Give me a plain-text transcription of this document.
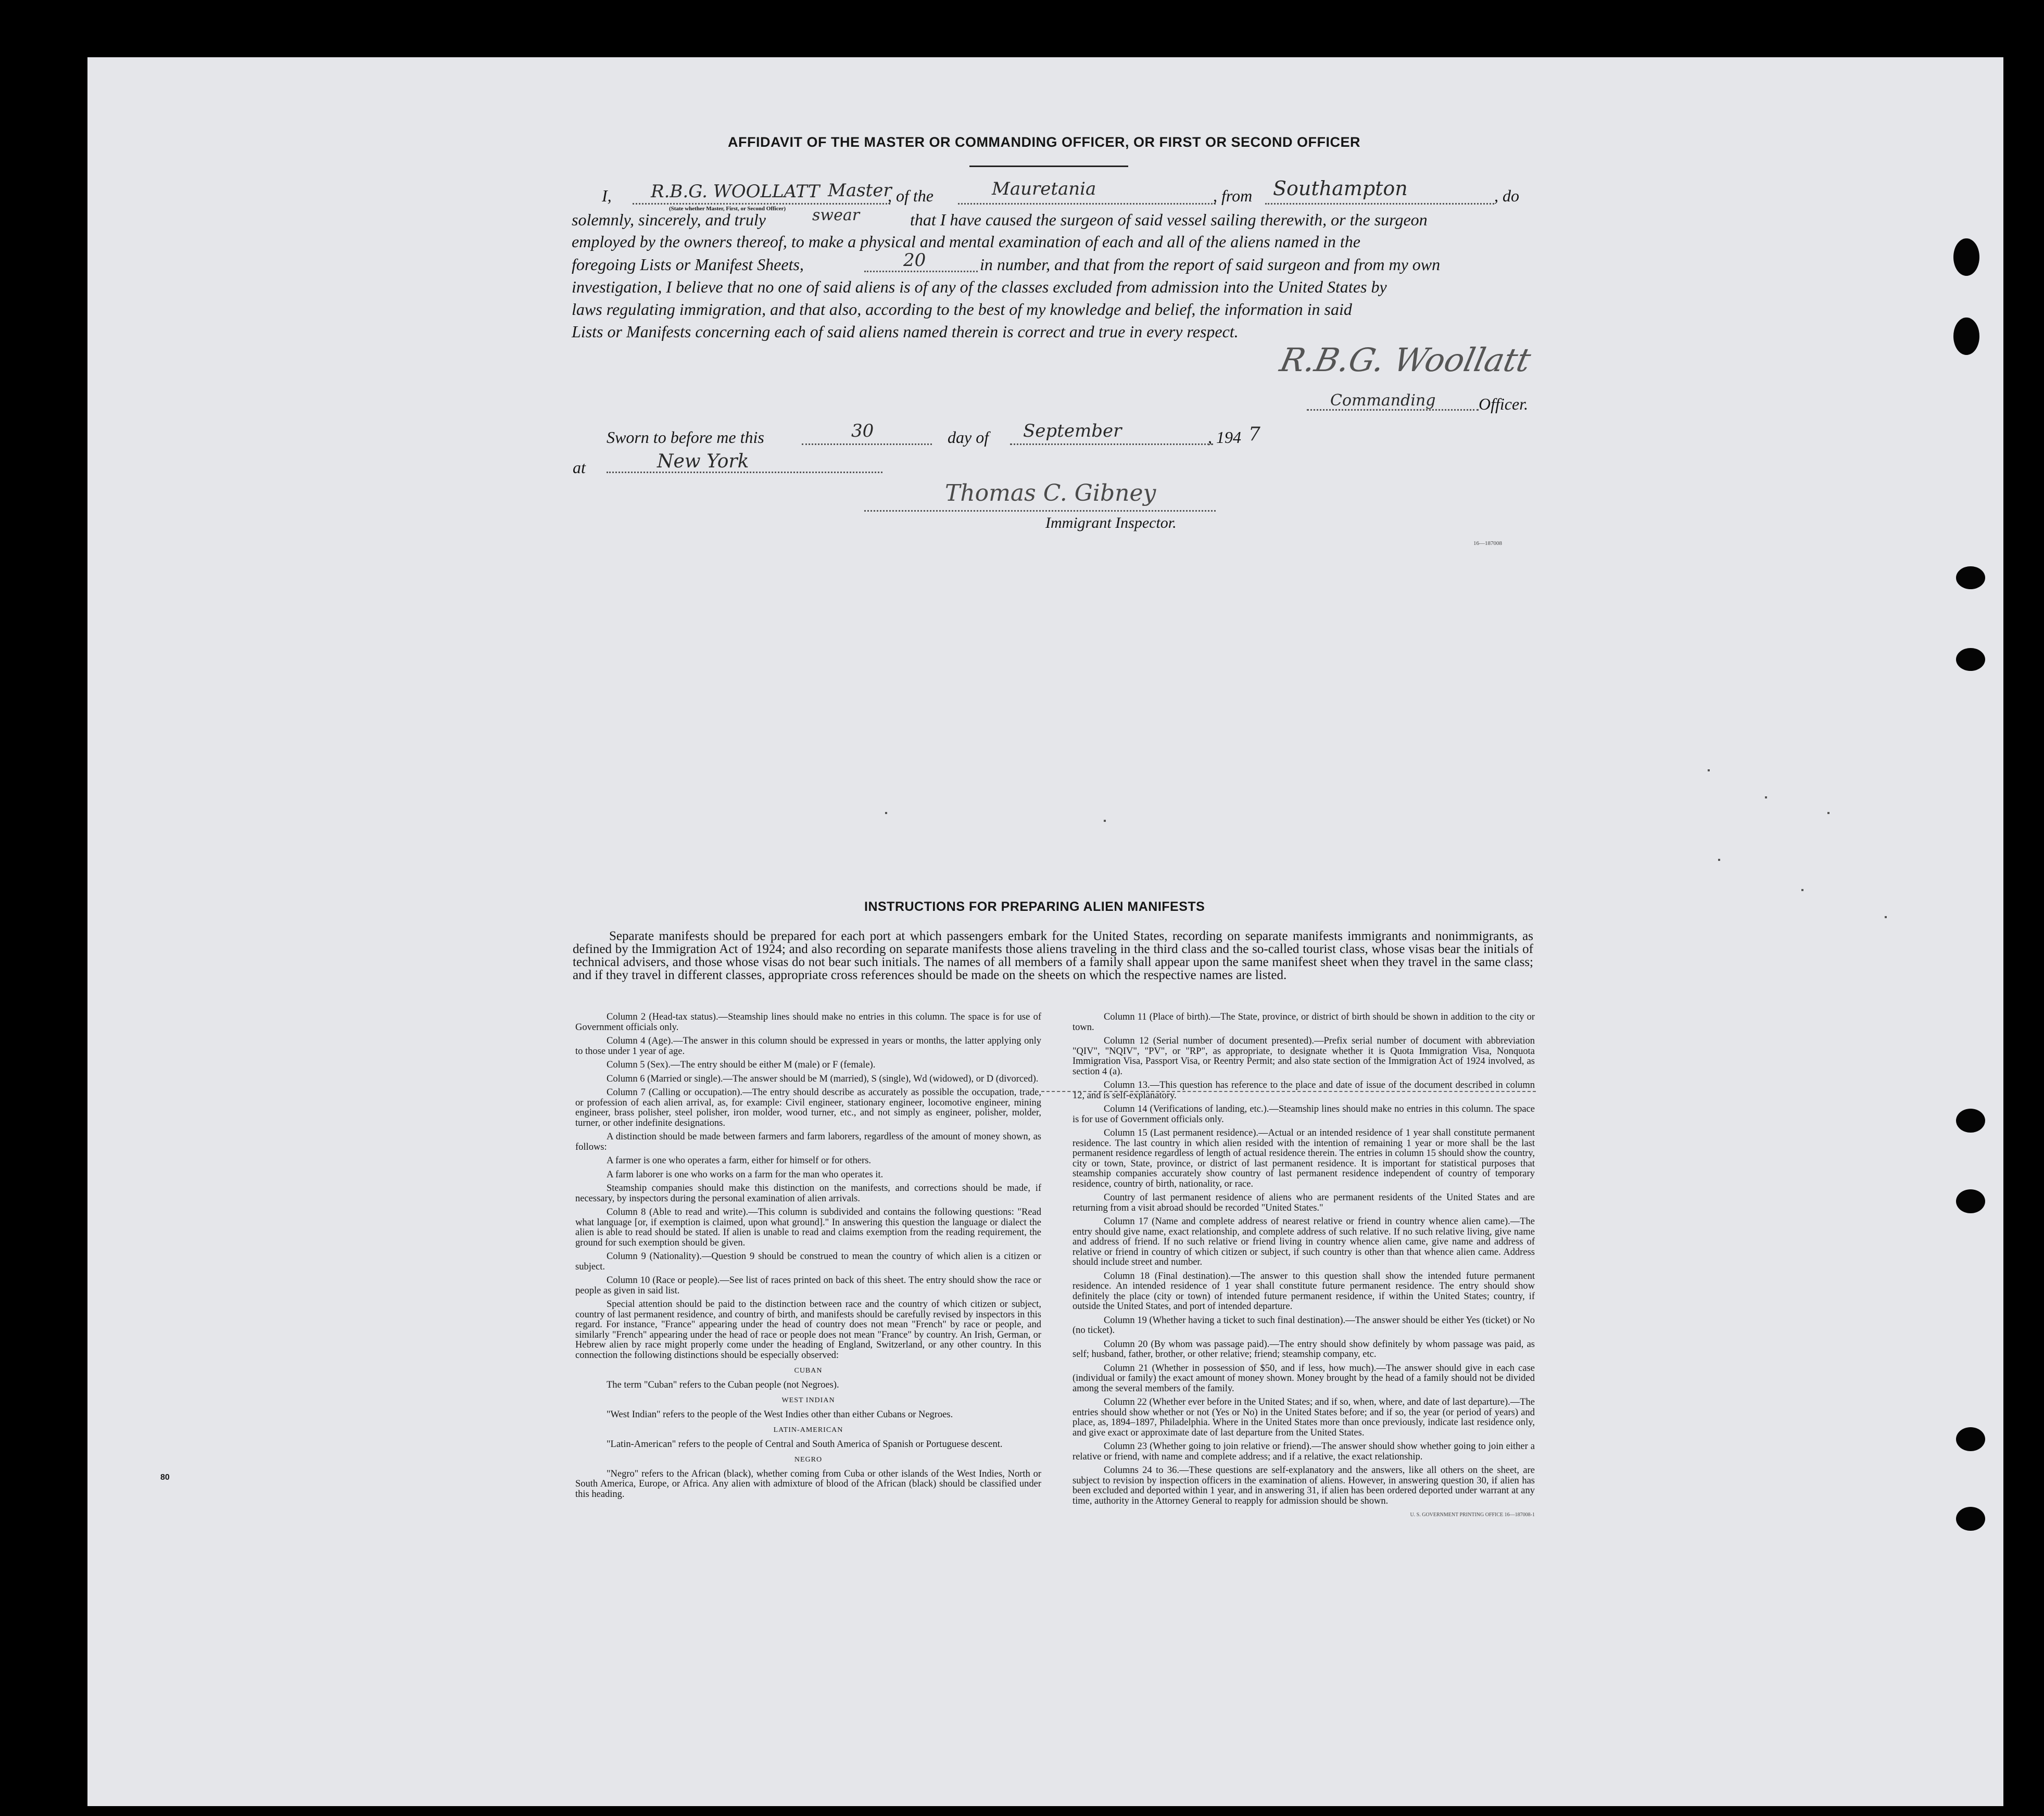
AFFIDAVIT OF THE MASTER OR COMMANDING OFFICER, OR FIRST OR SECOND OFFICER
I, R.B.G. WOOLLATT Master
(State whether Master, First, or Second Officer)
, of the	Mauretania	, from Southampton	, do
solemnly, sincerely, and truly	swear	that I have caused the surgeon of said vessel sailing therewith, or the surgeon
employed by the owners thereof, to make a physical and mental examination of each and all of the aliens named in the
foregoing Lists or Manifest Sheets,	20	in number, and that from the report of said surgeon and from my own
investigation, I believe that no one of said aliens is of any of the classes excluded from admission into the United States by
laws regulating immigration, and that also, according to the best of my knowledge and belief, the information in said
Lists or Manifests concerning each of said aliens named therein is correct and true in every respect.
R.B.G. Woollatt
Commanding	Officer.
Sworn to before me this	30	day of September	, 194 7
at	New York
Thomas C. Gibney
Immigrant Inspector.
16—187008
INSTRUCTIONS FOR PREPARING ALIEN MANIFESTS
Separate manifests should be prepared for each port at which passengers embark for the United States, recording on separate manifests immigrants and nonimmigrants, as defined by the Immigration Act of 1924; and also recording on separate manifests those aliens traveling in the third class and the so-called tourist class, whose visas bear the initials of technical advisers, and those whose visas do not bear such initials. The names of all members of a family shall appear upon the same manifest sheet when they travel in the same class; and if they travel in different classes, appropriate cross references should be made on the sheets on which the respective names are listed.

Column 2 (Head-tax status).—Steamship lines should make no entries in this column. The space is for use of Government officials only.

Column 4 (Age).—The answer in this column should be expressed in years or months, the latter applying only to those under 1 year of age.

Column 5 (Sex).—The entry should be either M (male) or F (female).

Column 6 (Married or single).—The answer should be M (married), S (single), Wd (widowed), or D (divorced).

Column 7 (Calling or occupation).—The entry should describe as accurately as possible the occupation, trade, or profession of each alien arrival, as, for example: Civil engineer, stationary engineer, locomotive engineer, mining engineer, brass polisher, steel polisher, iron molder, wood turner, etc., and not simply as engineer, polisher, molder, turner, or other indefinite designations.

A distinction should be made between farmers and farm laborers, regardless of the amount of money shown, as follows:

A farmer is one who operates a farm, either for himself or for others.

A farm laborer is one who works on a farm for the man who operates it.

Steamship companies should make this distinction on the manifests, and corrections should be made, if necessary, by inspectors during the personal examination of alien arrivals.

Column 8 (Able to read and write).—This column is subdivided and contains the following questions: "Read what language [or, if exemption is claimed, upon what ground]." In answering this question the language or dialect the alien is able to read should be stated. If alien is unable to read and claims exemption from the reading requirement, the ground for such exemption should be given.

Column 9 (Nationality).—Question 9 should be construed to mean the country of which alien is a citizen or subject.

Column 10 (Race or people).—See list of races printed on back of this sheet. The entry should show the race or people as given in said list.

Special attention should be paid to the distinction between race and the country of which citizen or subject, country of last permanent residence, and country of birth, and manifests should be carefully revised by inspectors in this regard. For instance, "France" appearing under the head of country does not mean "French" by race or people, and similarly "French" appearing under the head of race or people does not mean "France" by country. An Irish, German, or Hebrew alien by race might properly come under the heading of England, Switzerland, or any other country. In this connection the following distinctions should be especially observed:

CUBAN

The term "Cuban" refers to the Cuban people (not Negroes).

WEST INDIAN

"West Indian" refers to the people of the West Indies other than either Cubans or Negroes.

LATIN-AMERICAN

"Latin-American" refers to the people of Central and South America of Spanish or Portuguese descent.

NEGRO

"Negro" refers to the African (black), whether coming from Cuba or other islands of the West Indies, North or South America, Europe, or Africa. Any alien with admixture of blood of the African (black) should be classified under this heading.

Column 11 (Place of birth).—The State, province, or district of birth should be shown in addition to the city or town.

Column 12 (Serial number of document presented).—Prefix serial number of document with abbreviation "QIV", "NQIV", "PV", or "RP", as appropriate, to designate whether it is Quota Immigration Visa, Nonquota Immigration Visa, Passport Visa, or Reentry Permit; and also state section of the Immigration Act of 1924 involved, as section 4 (a).

Column 13.—This question has reference to the place and date of issue of the document described in column 12, and is self-explanatory.

Column 14 (Verifications of landing, etc.).—Steamship lines should make no entries in this column. The space is for use of Government officials only.

Column 15 (Last permanent residence).—Actual or an intended residence of 1 year shall constitute permanent residence. The last country in which alien resided with the intention of remaining 1 year or more shall be the last permanent residence regardless of length of actual residence therein. The entries in column 15 should show the country, city or town, State, province, or district of last permanent residence. It is important for statistical purposes that steamship companies accurately show country of last permanent residence independent of country of temporary residence, country of birth, nationality, or race.

Country of last permanent residence of aliens who are permanent residents of the United States and are returning from a visit abroad should be recorded "United States."

Column 17 (Name and complete address of nearest relative or friend in country whence alien came).—The entry should give name, exact relationship, and complete address of such relative. If no such relative living, give name and address of friend. If no such relative or friend living in country whence alien came, give name and address of relative or friend in country of which citizen or subject, if such country is other than that whence alien came. Address should include street and number.

Column 18 (Final destination).—The answer to this question shall show the intended future permanent residence. An intended residence of 1 year shall constitute future permanent residence. The entry should show definitely the place (city or town) of intended future permanent residence, if within the United States; country, if outside the United States, and port of intended departure.

Column 19 (Whether having a ticket to such final destination).—The answer should be either Yes (ticket) or No (no ticket).

Column 20 (By whom was passage paid).—The entry should show definitely by whom passage was paid, as self; husband, father, brother, or other relative; friend; steamship company, etc.

Column 21 (Whether in possession of $50, and if less, how much).—The answer should give in each case (individual or family) the exact amount of money shown. Money brought by the head of a family should not be divided among the several members of the family.

Column 22 (Whether ever before in the United States; and if so, when, where, and date of last departure).—The entries should show whether or not (Yes or No) in the United States before; and if so, the year (or period of years) and place, as, 1894–1897, Philadelphia. Where in the United States more than once previously, indicate last residence only, and give exact or approximate date of last departure from the United States.

Column 23 (Whether going to join relative or friend).—The answer should show whether going to join either a relative or friend, with name and complete address; and if a relative, the exact relationship.

Columns 24 to 36.—These questions are self-explanatory and the answers, like all others on the sheet, are subject to revision by inspection officers in the examination of aliens. However, in answering question 30, if alien has been excluded and deported within 1 year, and in answering 31, if alien has been ordered deported under warrant at any time, authority in the Attorney General to reapply for admission should be shown.

U. S. GOVERNMENT PRINTING OFFICE 16—187008-1
80
